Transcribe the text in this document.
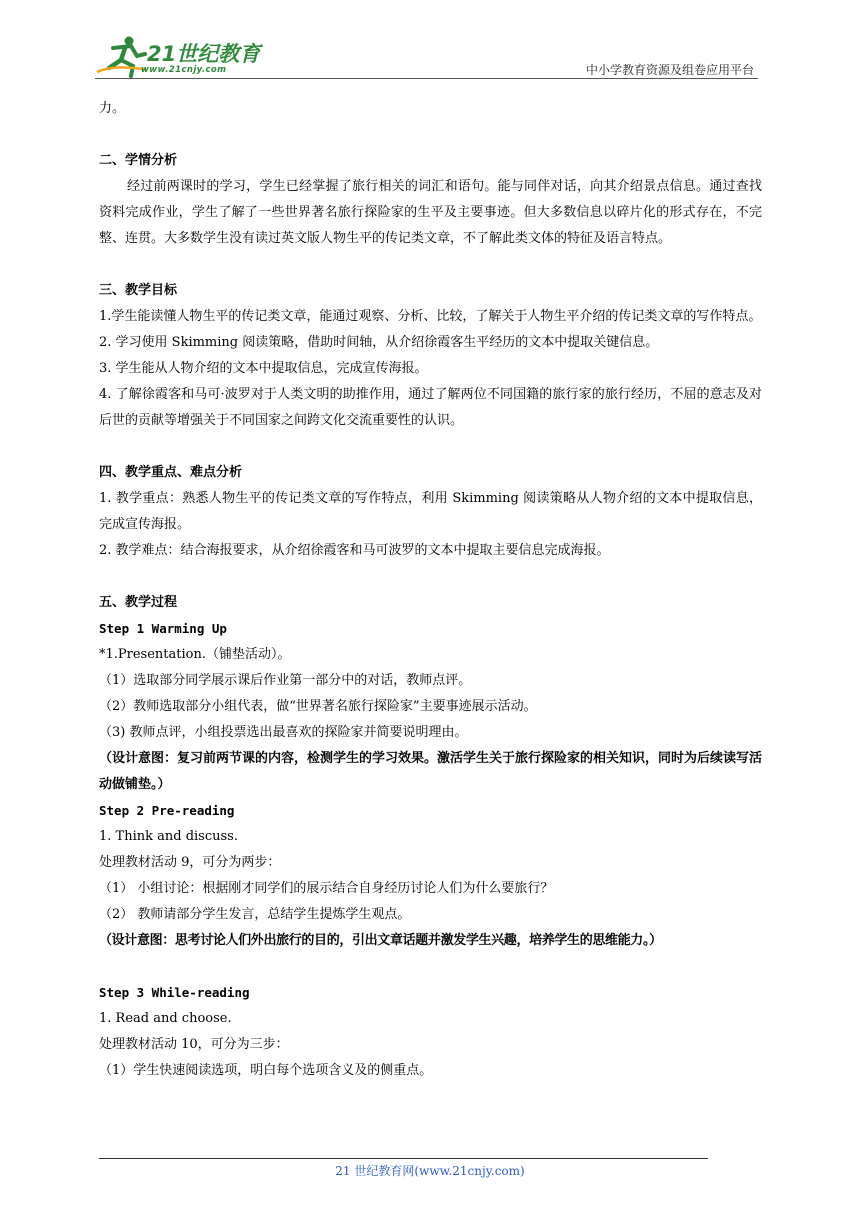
21世纪教育
www.21cnjy.com	中小学教育资源及组卷应用平台
力。
二、学情分析
经过前两课时的学习，学生已经掌握了旅行相关的词汇和语句。能与同伴对话，向其介绍景点信息。通过查找资料完成作业，学生了解了一些世界著名旅行探险家的生平及主要事迹。但大多数信息以碎片化的形式存在，不完整、连贯。大多数学生没有读过英文版人物生平的传记类文章，不了解此类文体的特征及语言特点。
三、教学目标
1.学生能读懂人物生平的传记类文章，能通过观察、分析、比较，了解关于人物生平介绍的传记类文章的写作特点。
2. 学习使用 Skimming 阅读策略，借助时间轴，从介绍徐霞客生平经历的文本中提取关键信息。
3. 学生能从人物介绍的文本中提取信息，完成宣传海报。
4. 了解徐霞客和马可·波罗对于人类文明的助推作用，通过了解两位不同国籍的旅行家的旅行经历，不屈的意志及对后世的贡献等增强关于不同国家之间跨文化交流重要性的认识。
四、教学重点、难点分析
1. 教学重点：熟悉人物生平的传记类文章的写作特点，利用 Skimming 阅读策略从人物介绍的文本中提取信息，完成宣传海报。
2. 教学难点：结合海报要求，从介绍徐霞客和马可波罗的文本中提取主要信息完成海报。
五、教学过程
Step 1 Warming Up
*1.Presentation.（铺垫活动）。
（1）选取部分同学展示课后作业第一部分中的对话，教师点评。
（2）教师选取部分小组代表，做“世界著名旅行探险家”主要事迹展示活动。
（3) 教师点评，小组投票选出最喜欢的探险家并简要说明理由。
（设计意图：复习前两节课的内容，检测学生的学习效果。激活学生关于旅行探险家的相关知识，同时为后续读写活动做铺垫。）
Step 2 Pre-reading
1. Think and discuss.
处理教材活动 9，可分为两步：
（1） 小组讨论：根据刚才同学们的展示结合自身经历讨论人们为什么要旅行？
（2） 教师请部分学生发言，总结学生提炼学生观点。
（设计意图：思考讨论人们外出旅行的目的，引出文章话题并激发学生兴趣，培养学生的思维能力。）
Step 3 While-reading
1. Read and choose.
处理教材活动 10，可分为三步：
（1）学生快速阅读选项，明白每个选项含义及的侧重点。
21 世纪教育网(www.21cnjy.com)
